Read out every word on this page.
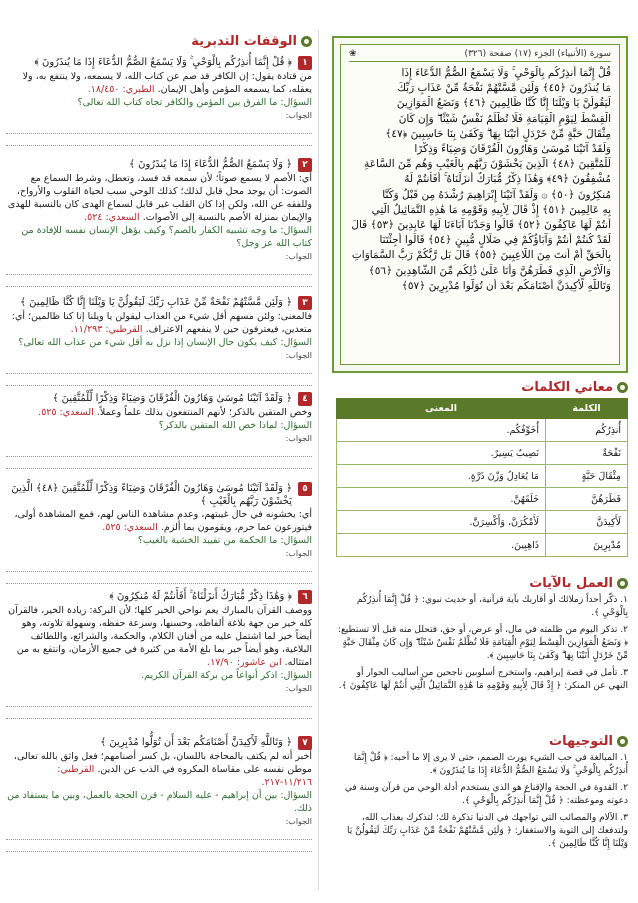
الوقفات التدبرية
١
﴿ قُلْ إِنَّمَا أُنذِرُكُم بِالْوَحْيِ ۚ وَلَا يَسْمَعُ الصُّمُّ الدُّعَاءَ إِذَا مَا يُنذَرُونَ ﴾
من قتادة يقول: إن الكافر قد صم عن كتاب الله، لا يسمعه، ولا ينتفع به، ولا يعقله، كما يسمعه المؤمن وأهل الإيمان. الطبري: ١٨/٤٥٠.
السؤال: ما الفرق بين المؤمن والكافر تجاه كتاب الله تعالى؟
الجواب:
٢
﴿ وَلَا يَسْمَعُ الصُّمُّ الدُّعَاءَ إِذَا مَا يُنذَرُونَ ﴾
أي: الأصم لا يسمع صوتاً؛ لأن سمعه قد فسد، وتعطل، وشرط السماع مع الصوت: أن يوجد محل قابل لذلك؛ كذلك الوحي سبب لحياة القلوب والأرواح، وللفقه عن الله، ولكن إذا كان القلب غير قابل لسماع الهدى كان بالنسبة للهدى والإيمان بمنزلة الأصم بالنسبة إلى الأصوات. السعدي: ٥٢٤.
السؤال: ما وجه تشبيه الكفار بالصم؟ وكيف يؤهل الإنسان نفسه للإفادة من كتاب الله عز وجل؟
الجواب:
٣
﴿ وَلَئِن مَّسَّتْهُمْ نَفْحَةٌ مِّنْ عَذَابِ رَبِّكَ لَيَقُولُنَّ يَا وَيْلَنَا إِنَّا كُنَّا ظَالِمِينَ ﴾
فالمعنى: ولئن مسهم أقل شيء من العذاب ليقولن يا ويلنا إنا كنا ظالمين؛ أي: متعدين، فيعترفون حين لا ينفعهم الاعتراف. القرطبي: ١١/٢٩٣.
السؤال: كيف يكون حال الإنسان إذا نزل به أقل شيء من عذاب الله تعالى؟
الجواب:
٤
﴿ وَلَقَدْ آتَيْنَا مُوسَىٰ وَهَارُونَ الْفُرْقَانَ وَضِيَاءً وَذِكْرًا لِّلْمُتَّقِينَ ﴾
وخص المتقين بالذكر؛ لأنهم المنتفعون بذلك علماً وعملاً. السعدي: ٥٢٥.
السؤال: لماذا خص الله المتقين بالذكر؟
الجواب:
٥
﴿ وَلَقَدْ آتَيْنَا مُوسَىٰ وَهَارُونَ الْفُرْقَانَ وَضِيَاءً وَذِكْرًا لِّلْمُتَّقِينَ ﴿٤٨﴾ الَّذِينَ يَخْشَوْنَ رَبَّهُم بِالْغَيْبِ ﴾
أي: يخشونه في حال غيبتهم، وعدم مشاهدة الناس لهم، فمع المشاهدة أولى، فيتورعون عما حرم، ويقومون بما ألزم. السعدي: ٥٢٥.
السؤال: ما الحكمة من تقييد الخشية بالغيب؟
الجواب:
٦
﴿ وَهَٰذَا ذِكْرٌ مُّبَارَكٌ أَنزَلْنَاهُ ۚ أَفَأَنتُمْ لَهُ مُنكِرُونَ ﴾
ووصف القرآن بالمبارك يعم نواحي الخير كلها؛ لأن البركة: زيادة الخير، فالقرآن كله خير من جهة بلاغة ألفاظه، وحسنها، وسرعة حفظه، وسهولة تلاوته، وهو أيضاً خير لما اشتمل عليه من أفنان الكلام، والحكمة، والشرائع، واللطائف البلاغية، وهو أيضاً خير بما بلغ الأمة من كثيرة في جميع الأزمان، وانتفع به من امتثاله. ابن عاشور: ١٧/٩٠.
السؤال: اذكر أنواعاً من بركة القرآن الكريم.
الجواب:
٧
﴿ وَتَاللَّهِ لَأَكِيدَنَّ أَصْنَامَكُم بَعْدَ أَن تُوَلُّوا مُدْبِرِينَ ﴾
أخبر أنه لم يكتف بالمحاجة باللسان، بل كسر أصنامهم؛ فعل واثق بالله تعالى، موطن نفسه على مقاساة المكروه في الذب عن الدين. القرطبي: ١١/٢١٦-٢١٧.
السؤال: بين أن إبراهيم - عليه السلام - قرن الحجة بالعمل، وبين ما يستفاد من ذلك.
الجواب:
سورة (الأنبياء) الجزء (١٧) صفحة (٣٢٦)
❀
قُلْ إِنَّمَا أُنذِرُكُم بِالْوَحْيِ ۚ وَلَا يَسْمَعُ الصُّمُّ الدُّعَاءَ إِذَا
مَا يُنذَرُونَ ﴿٤٥﴾ وَلَئِن مَّسَّتْهُمْ نَفْحَةٌ مِّنْ عَذَابِ رَبِّكَ
لَيَقُولُنَّ يَا وَيْلَنَا إِنَّا كُنَّا ظَالِمِينَ ﴿٤٦﴾ وَنَضَعُ الْمَوَازِينَ
الْقِسْطَ لِيَوْمِ الْقِيَامَةِ فَلَا تُظْلَمُ نَفْسٌ شَيْئًا ۖ وَإِن كَانَ
مِثْقَالَ حَبَّةٍ مِّنْ خَرْدَلٍ أَتَيْنَا بِهَا ۗ وَكَفَىٰ بِنَا حَاسِبِينَ ﴿٤٧﴾
وَلَقَدْ آتَيْنَا مُوسَىٰ وَهَارُونَ الْفُرْقَانَ وَضِيَاءً وَذِكْرًا
لِّلْمُتَّقِينَ ﴿٤٨﴾ الَّذِينَ يَخْشَوْنَ رَبَّهُم بِالْغَيْبِ وَهُم مِّنَ السَّاعَةِ
مُشْفِقُونَ ﴿٤٩﴾ وَهَٰذَا ذِكْرٌ مُّبَارَكٌ أَنزَلْنَاهُ ۚ أَفَأَنتُمْ لَهُ
مُنكِرُونَ ﴿٥٠﴾ ۞ وَلَقَدْ آتَيْنَا إِبْرَاهِيمَ رُشْدَهُ مِن قَبْلُ وَكُنَّا
بِهِ عَالِمِينَ ﴿٥١﴾ إِذْ قَالَ لِأَبِيهِ وَقَوْمِهِ مَا هَٰذِهِ التَّمَاثِيلُ الَّتِي
أَنتُمْ لَهَا عَاكِفُونَ ﴿٥٢﴾ قَالُوا وَجَدْنَا آبَاءَنَا لَهَا عَابِدِينَ ﴿٥٣﴾ قَالَ
لَقَدْ كُنتُمْ أَنتُمْ وَآبَاؤُكُمْ فِي ضَلَالٍ مُّبِينٍ ﴿٥٤﴾ قَالُوا أَجِئْتَنَا
بِالْحَقِّ أَمْ أَنتَ مِنَ اللَّاعِبِينَ ﴿٥٥﴾ قَالَ بَل رَّبُّكُمْ رَبُّ السَّمَاوَاتِ
وَالْأَرْضِ الَّذِي فَطَرَهُنَّ وَأَنَا عَلَىٰ ذَٰلِكُم مِّنَ الشَّاهِدِينَ ﴿٥٦﴾
وَتَاللَّهِ لَأَكِيدَنَّ أَصْنَامَكُم بَعْدَ أَن تُوَلُّوا مُدْبِرِينَ ﴿٥٧﴾
معاني الكلمات
الكلمة	المعنى
أُنذِرُكُم	أُخَوِّفُكُم.
نَفْحَةٌ	نَصِيبٌ يَسِيرٌ.
مِثْقَالَ حَبَّةٍ	مَا يُعَادِلُ وَزْنَ ذَرَّةٍ.
فَطَرَهُنَّ	خَلَقَهُنَّ.
لَأَكِيدَنَّ	لَأَمْكُرَنَّ، وَأَكْسِرَنَّ.
مُدْبِرِينَ	ذَاهِبِينَ.
العمل بالآيات
١. ذكّر أحداً زملائك أو أقاربك بآية قرآنية، أو حديث نبوي: ﴿ قُلْ إِنَّمَا أُنذِرُكُم بِالْوَحْيِ ﴾.
٢. تذكر اليوم من ظلمته في مال، أو عرض، أو حق، فتحلل منه قبل ألا تستطيع: ﴿ وَنَضَعُ الْمَوَازِينَ الْقِسْطَ لِيَوْمِ الْقِيَامَةِ فَلَا تُظْلَمُ نَفْسٌ شَيْئًا ۖ وَإِن كَانَ مِثْقَالَ حَبَّةٍ مِّنْ خَرْدَلٍ أَتَيْنَا بِهَا ۗ وَكَفَىٰ بِنَا حَاسِبِينَ ﴾.
٣. تأمل في قصة إبراهيم، واستخرج أسلوبين ناجحين من أساليب الحوار أو النهي عن المنكر: ﴿ إِذْ قَالَ لِأَبِيهِ وَقَوْمِهِ مَا هَٰذِهِ التَّمَاثِيلُ الَّتِي أَنتُمْ لَهَا عَاكِفُونَ ﴾.
التوجيهات
١. المبالغة في حب الشيء يورث الصمم، حتى لا يرى إلا ما أحبه: ﴿ قُلْ إِنَّمَا أُنذِرُكُم بِالْوَحْيِ ۚ وَلَا يَسْمَعُ الصُّمُّ الدُّعَاءَ إِذَا مَا يُنذَرُونَ ﴾.
٢. القدوة في الحجة والإقناع هو الذي يستخدم أدلة الوحي من قرآن وسنة في دعوته وموعظته: ﴿ قُلْ إِنَّمَا أُنذِرُكُم بِالْوَحْيِ ﴾.
٣. الآلام والمصائب التي تواجهك في الدنيا تذكرة لك؛ لتذكرك بعذاب الله، ولتدفعك إلى التوبة والاستغفار: ﴿ وَلَئِن مَّسَّتْهُمْ نَفْحَةٌ مِّنْ عَذَابِ رَبِّكَ لَيَقُولُنَّ يَا وَيْلَنَا إِنَّا كُنَّا ظَالِمِينَ ﴾.
